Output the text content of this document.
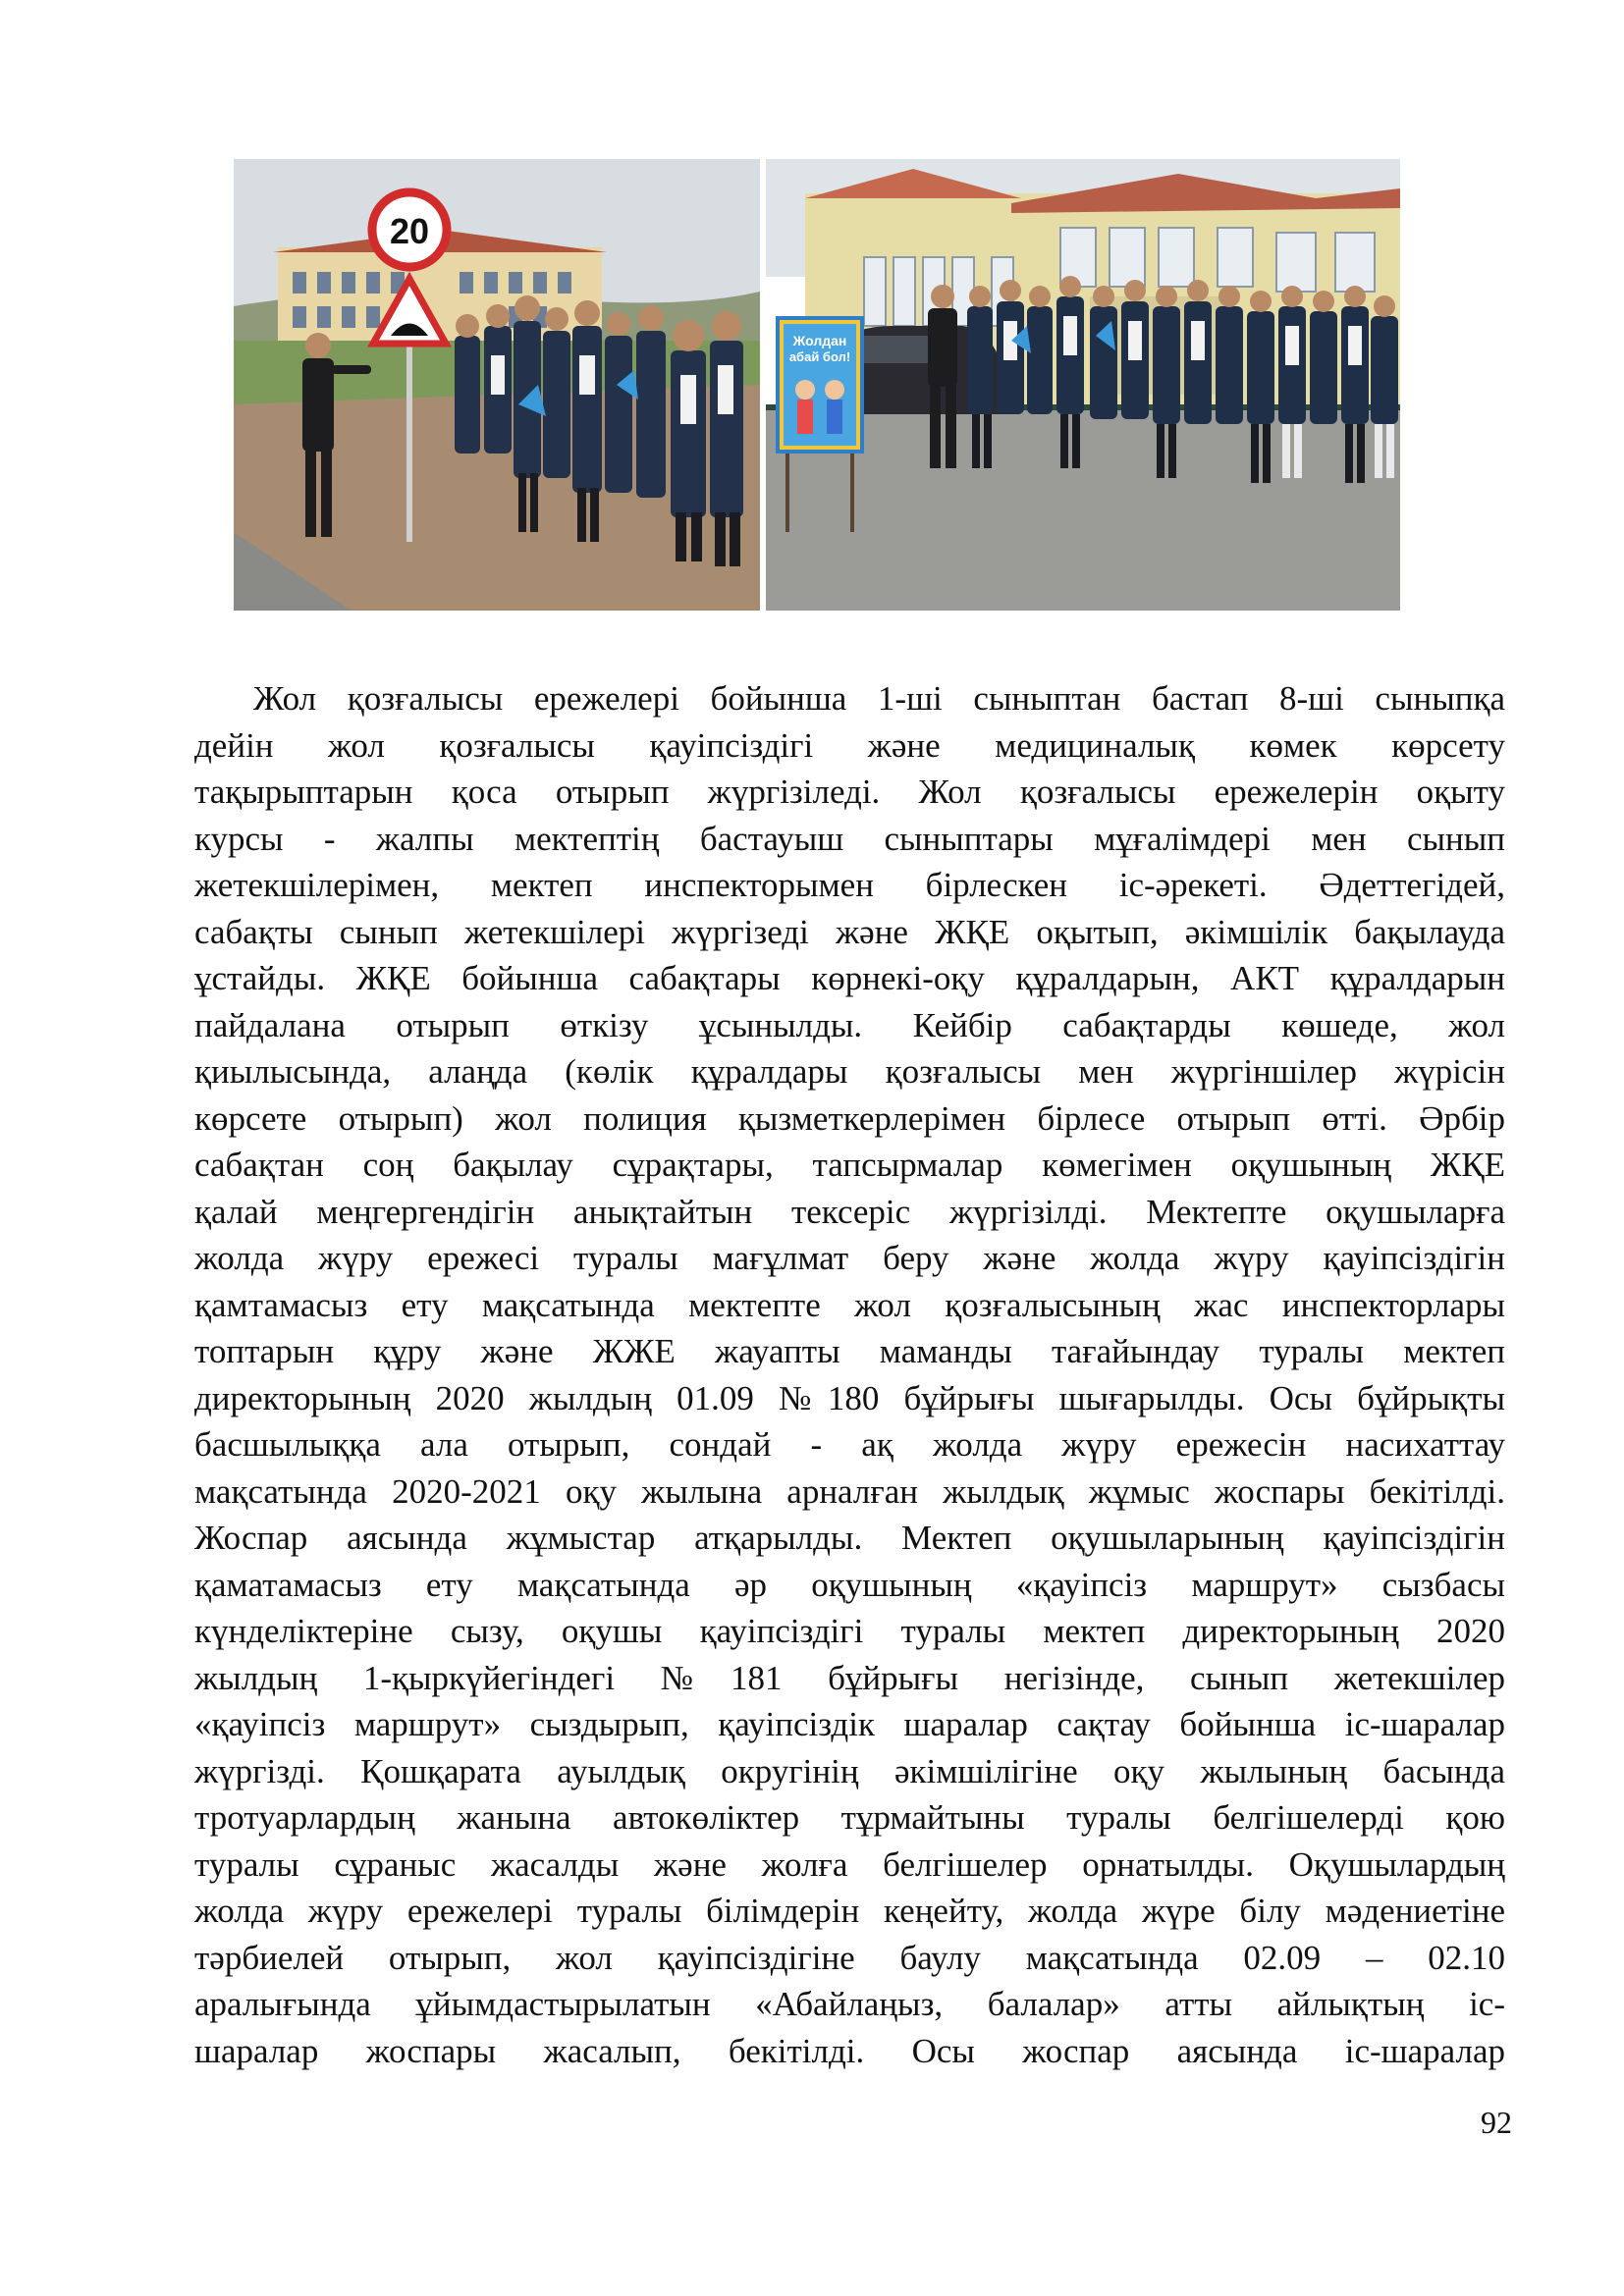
20
Жолдан
абай бол!
Жол қозғалысы ережелері бойынша 1-ші сыныптан бастап 8-ші сыныпқа
дейін жол қозғалысы қауіпсіздігі және медициналық көмек көрсету
тақырыптарын қоса отырып жүргізіледі. Жол қозғалысы ережелерін оқыту
курсы - жалпы мектептің бастауыш сыныптары мұғалімдері мен сынып
жетекшілерімен, мектеп инспекторымен бірлескен іс-әрекеті. Әдеттегідей,
сабақты сынып жетекшілері жүргізеді және ЖҚЕ оқытып, әкімшілік бақылауда
ұстайды. ЖҚЕ бойынша сабақтары көрнекі-оқу құралдарын, АКТ құралдарын
пайдалана отырып өткізу ұсынылды. Кейбір сабақтарды көшеде, жол
қиылысында, алаңда (көлік құралдары қозғалысы мен жүргіншілер жүрісін
көрсете отырып) жол полиция қызметкерлерімен бірлесе отырып өтті. Әрбір
сабақтан соң бақылау сұрақтары, тапсырмалар көмегімен оқушының ЖҚЕ
қалай меңгергендігін анықтайтын тексеріс жүргізілді. Мектепте оқушыларға
жолда жүру ережесі туралы мағұлмат беру және жолда жүру қауіпсіздігін
қамтамасыз ету мақсатында мектепте жол қозғалысының жас инспекторлары
топтарын құру және ЖЖЕ жауапты маманды тағайындау туралы мектеп
директорының 2020 жылдың 01.09 №180 бұйрығы шығарылды. Осы бұйрықты
басшылыққа ала отырып, сондай - ақ жолда жүру ережесін насихаттау
мақсатында 2020-2021 оқу жылына арналған жылдық жұмыс жоспары бекітілді.
Жоспар аясында жұмыстар атқарылды. Мектеп оқушыларының қауіпсіздігін
қаматамасыз ету мақсатында әр оқушының «қауіпсіз маршрут» сызбасы
күнделіктеріне сызу, оқушы қауіпсіздігі туралы мектеп директорының 2020
жылдың 1-қыркүйегіндегі №181 бұйрығы негізінде, сынып жетекшілер
«қауіпсіз маршрут» сыздырып, қауіпсіздік шаралар сақтау бойынша іс-шаралар
жүргізді. Қошқарата ауылдық округінің әкімшілігіне оқу жылының басында
тротуарлардың жанына автокөліктер тұрмайтыны туралы белгішелерді қою
туралы сұраныс жасалды және жолға белгішелер орнатылды. Оқушылардың
жолда жүру ережелері туралы білімдерін кеңейту, жолда жүре білу мәдениетіне
тәрбиелей отырып, жол қауіпсіздігіне баулу мақсатында 02.09 – 02.10
аралығында ұйымдастырылатын «Абайлаңыз, балалар» атты айлықтың іс-
шаралар жоспары жасалып, бекітілді. Осы жоспар аясында іс-шаралар
92
